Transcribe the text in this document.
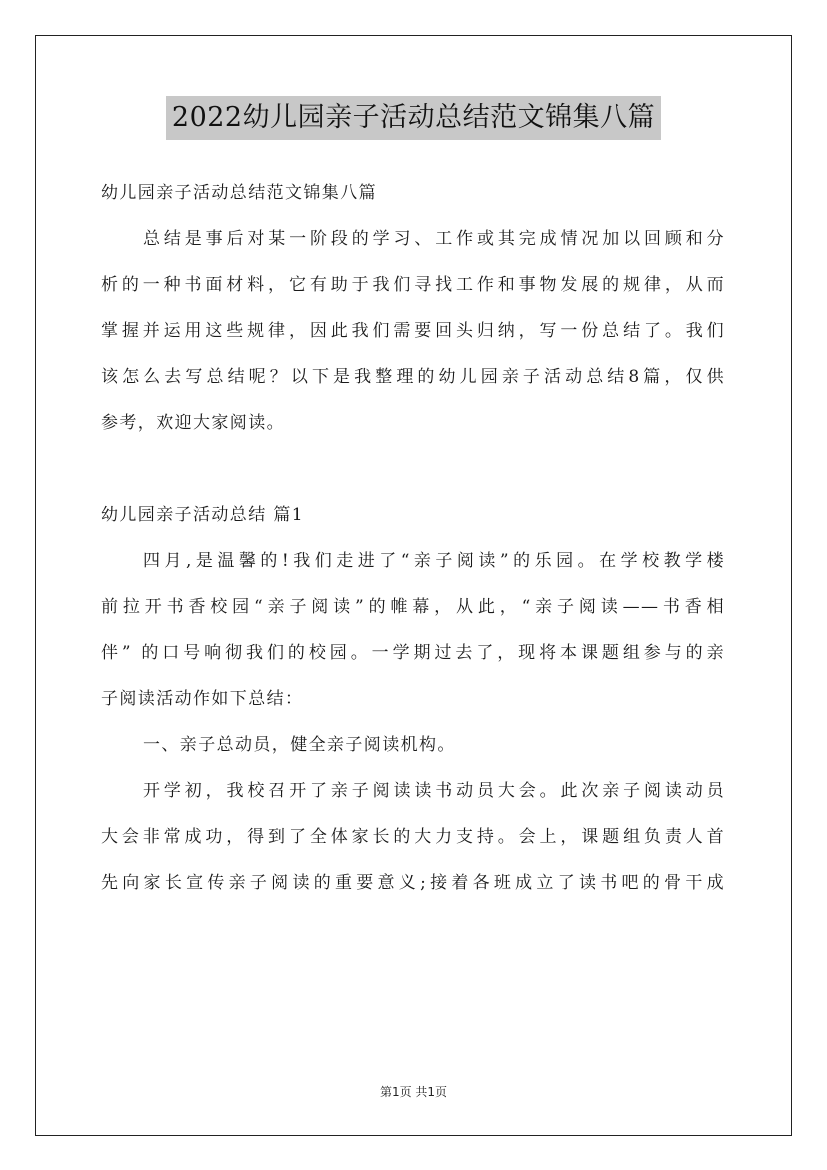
2022幼儿园亲子活动总结范文锦集八篇
幼儿园亲子活动总结范文锦集八篇
总结是事后对某一阶段的学习、工作或其完成情况加以回顾和分
析的一种书面材料，它有助于我们寻找工作和事物发展的规律，从而
掌握并运用这些规律，因此我们需要回头归纳，写一份总结了。我们
该怎么去写总结呢？以下是我整理的幼儿园亲子活动总结8篇，仅供
参考，欢迎大家阅读。
幼儿园亲子活动总结 篇1
四月,是温馨的!我们走进了“亲子阅读”的乐园。在学校教学楼
前拉开书香校园“亲子阅读”的帷幕，从此，“亲子阅读——书香相
伴” 的口号响彻我们的校园。一学期过去了，现将本课题组参与的亲
子阅读活动作如下总结：
一、亲子总动员，健全亲子阅读机构。
开学初，我校召开了亲子阅读读书动员大会。此次亲子阅读动员
大会非常成功，得到了全体家长的大力支持。会上，课题组负责人首
先向家长宣传亲子阅读的重要意义;接着各班成立了读书吧的骨干成
第1页 共1页
